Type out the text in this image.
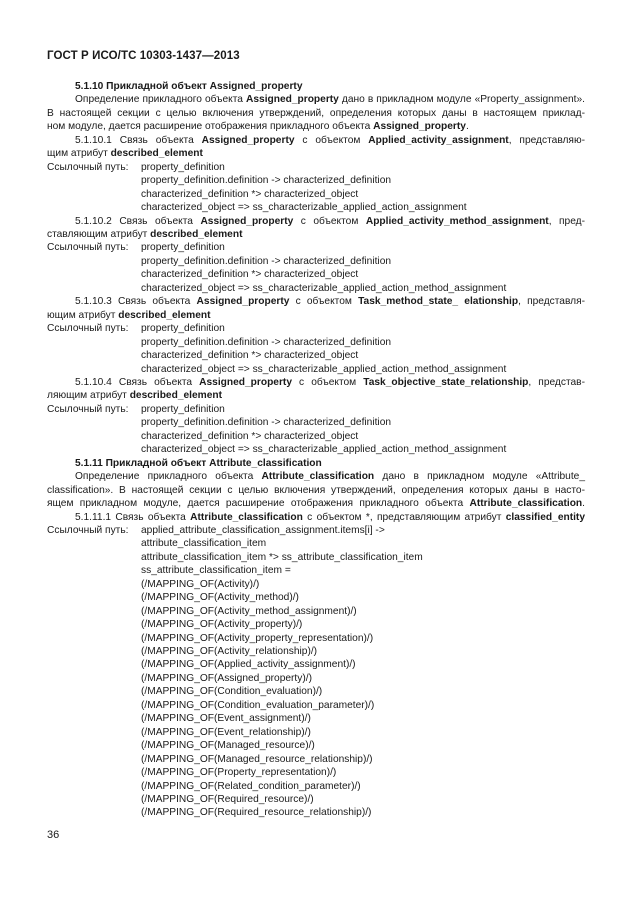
ГОСТ Р ИСО/ТС 10303-1437—2013
5.1.10 Прикладной объект Assigned_property
Определение прикладного объекта Assigned_property дано в прикладном модуле «Property_assignment».
В настоящей секции с целью включения утверждений, определения которых даны в настоящем приклад-
ном модуле, дается расширение отображения прикладного объекта Assigned_property.
5.1.10.1 Связь объекта Assigned_property с объектом Applied_activity_assignment, представляю-
щим атрибут described_element
Ссылочный путь: property_definition
property_definition.definition -> characterized_definition
characterized_definition *> characterized_object
characterized_object => ss_characterizable_applied_action_assignment
5.1.10.2 Связь объекта Assigned_property с объектом Applied_activity_method_assignment, пред-
ставляющим атрибут described_element
Ссылочный путь: property_definition
property_definition.definition -> characterized_definition
characterized_definition *> characterized_object
characterized_object => ss_characterizable_applied_action_method_assignment
5.1.10.3 Связь объекта Assigned_property с объектом Task_method_state_ elationship, представля-
ющим атрибут described_element
Ссылочный путь: property_definition
property_definition.definition -> characterized_definition
characterized_definition *> characterized_object
characterized_object => ss_characterizable_applied_action_method_assignment
5.1.10.4 Связь объекта Assigned_property с объектом Task_objective_state_relationship, представ-
ляющим атрибут described_element
Ссылочный путь: property_definition
property_definition.definition -> characterized_definition
characterized_definition *> characterized_object
characterized_object => ss_characterizable_applied_action_method_assignment
5.1.11 Прикладной объект Attribute_classification
Определение прикладного объекта Attribute_classification дано в прикладном модуле «Attribute_
classification». В настоящей секции с целью включения утверждений, определения которых даны в насто-
ящем прикладном модуле, дается расширение отображения прикладного объекта Attribute_classification.
5.1.11.1 Связь объекта Attribute_classification с объектом *, представляющим атрибут classified_entity
Ссылочный путь: applied_attribute_classification_assignment.items[i] ->
attribute_classification_item
attribute_classification_item *> ss_attribute_classification_item
ss_attribute_classification_item =
(/MAPPING_OF(Activity)/)
(/MAPPING_OF(Activity_method)/)
(/MAPPING_OF(Activity_method_assignment)/)
(/MAPPING_OF(Activity_property)/)
(/MAPPING_OF(Activity_property_representation)/)
(/MAPPING_OF(Activity_relationship)/)
(/MAPPING_OF(Applied_activity_assignment)/)
(/MAPPING_OF(Assigned_property)/)
(/MAPPING_OF(Condition_evaluation)/)
(/MAPPING_OF(Condition_evaluation_parameter)/)
(/MAPPING_OF(Event_assignment)/)
(/MAPPING_OF(Event_relationship)/)
(/MAPPING_OF(Managed_resource)/)
(/MAPPING_OF(Managed_resource_relationship)/)
(/MAPPING_OF(Property_representation)/)
(/MAPPING_OF(Related_condition_parameter)/)
(/MAPPING_OF(Required_resource)/)
(/MAPPING_OF(Required_resource_relationship)/)
36
